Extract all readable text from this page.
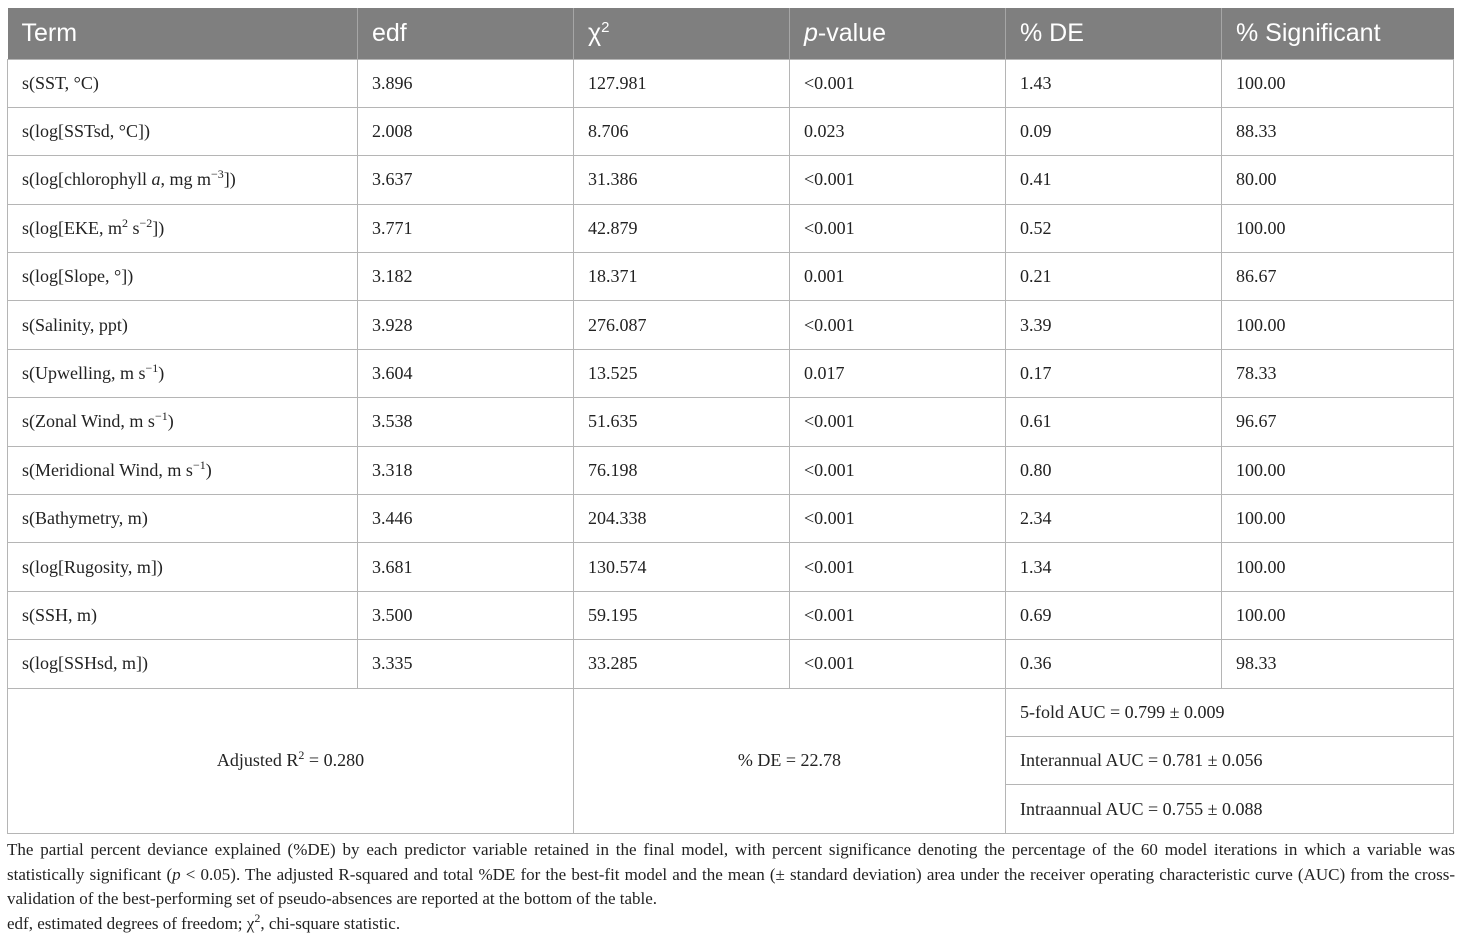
Term	edf	$\chi^2$	p-value	% DE	% Significant
s(SST, °C)	3.896	127.981	<0.001	1.43	100.00
s(log[SSTsd, °C])	2.008	8.706	0.023	0.09	88.33
s(log[chlorophyll a, mg $m^{-3}$])	3.637	31.386	<0.001	0.41	80.00
s(log[EKE, $m^2$ $s^{-2}$])	3.771	42.879	<0.001	0.52	100.00
s(log[Slope, °])	3.182	18.371	0.001	0.21	86.67
s(Salinity, ppt)	3.928	276.087	<0.001	3.39	100.00
s(Upwelling, m $s^{-1}$)	3.604	13.525	0.017	0.17	78.33
s(Zonal Wind, m $s^{-1}$)	3.538	51.635	<0.001	0.61	96.67
s(Meridional Wind, m $s^{-1}$)	3.318	76.198	<0.001	0.80	100.00
s(Bathymetry, m)	3.446	204.338	<0.001	2.34	100.00
s(log[Rugosity, m])	3.681	130.574	<0.001	1.34	100.00
s(SSH, m)	3.500	59.195	<0.001	0.69	100.00
s(log[SSHsd, m])	3.335	33.285	<0.001	0.36	98.33
				5-fold AUC = 0.799 ± 0.009	
Adjusted $R^2 = 0.280$		% DE = 22.78		Interannual AUC = 0.781 ± 0.056	
				Intraannual AUC = 0.755 ± 0.088	

The partial percent deviance explained (%DE) by each predictor variable retained in the final model, with percent significance denoting the percentage of the 60 model iterations in which a variable was statistically significant (p < 0.05). The adjusted R-squared and total %DE for the best-fit model and the mean (± standard deviation) area under the receiver operating characteristic curve (AUC) from the cross-validation of the best-performing set of pseudo-absences are reported at the bottom of the table.

edf, estimated degrees of freedom; $\chi^2$, chi-square statistic.
